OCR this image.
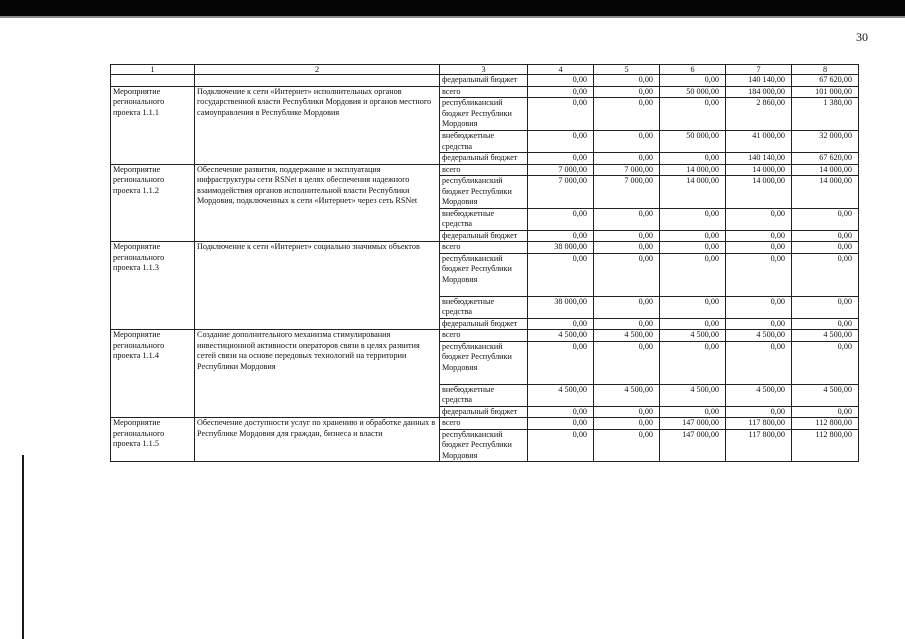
30
1	2	3	4	5	6	7	8
		федеральный бюджет	0,00	0,00	0,00	140 140,00	67 620,00
Мероприятие регионального проекта 1.1.1	Подключение к сети «Интернет» исполнительных органов государственной власти Республики Мордовия и органов местного самоуправления в Республике Мордовия	всего	0,00	0,00	50 000,00	184 000,00	101 000,00
		республиканский бюджет Республики Мордовия	0,00	0,00	0,00	2 860,00	1 380,00
		внебюджетные средства	0,00	0,00	50 000,00	41 000,00	32 000,00
		федеральный бюджет	0,00	0,00	0,00	140 140,00	67 620,00
Мероприятие регионального проекта 1.1.2	Обеспечение развития, поддержание и эксплуатация инфраструктуры сети RSNet в целях обеспечения надежного взаимодействия органов исполнительной власти Республики Мордовия, подключенных к сети «Интернет» через сеть RSNet	всего	7 000,00	7 000,00	14 000,00	14 000,00	14 000,00
		республиканский бюджет Республики Мордовия	7 000,00	7 000,00	14 000,00	14 000,00	14 000,00
		внебюджетные средства	0,00	0,00	0,00	0,00	0,00
		федеральный бюджет	0,00	0,00	0,00	0,00	0,00
Мероприятие регионального проекта 1.1.3	Подключение к сети «Интернет» социально значимых объектов	всего	38 000,00	0,00	0,00	0,00	0,00
		республиканский бюджет Республики Мордовия	0,00	0,00	0,00	0,00	0,00
		внебюджетные средства	38 000,00	0,00	0,00	0,00	0,00
		федеральный бюджет	0,00	0,00	0,00	0,00	0,00
Мероприятие регионального проекта 1.1.4	Создание дополнительного механизма стимулирования инвестиционной активности операторов связи в целях развития сетей связи на основе передовых технологий на территории Республики Мордовия	всего	4 500,00	4 500,00	4 500,00	4 500,00	4 500,00
		республиканский бюджет Республики Мордовия	0,00	0,00	0,00	0,00	0,00
		внебюджетные средства	4 500,00	4 500,00	4 500,00	4 500,00	4 500,00
		федеральный бюджет	0,00	0,00	0,00	0,00	0,00
Мероприятие регионального проекта 1.1.5	Обеспечение доступности услуг по хранению и обработке данных в Республике Мордовия для граждан, бизнеса и власти	всего	0,00	0,00	147 000,00	117 800,00	112 800,00
		республиканский бюджет Республики Мордовия	0,00	0,00	147 000,00	117 800,00	112 800,00
